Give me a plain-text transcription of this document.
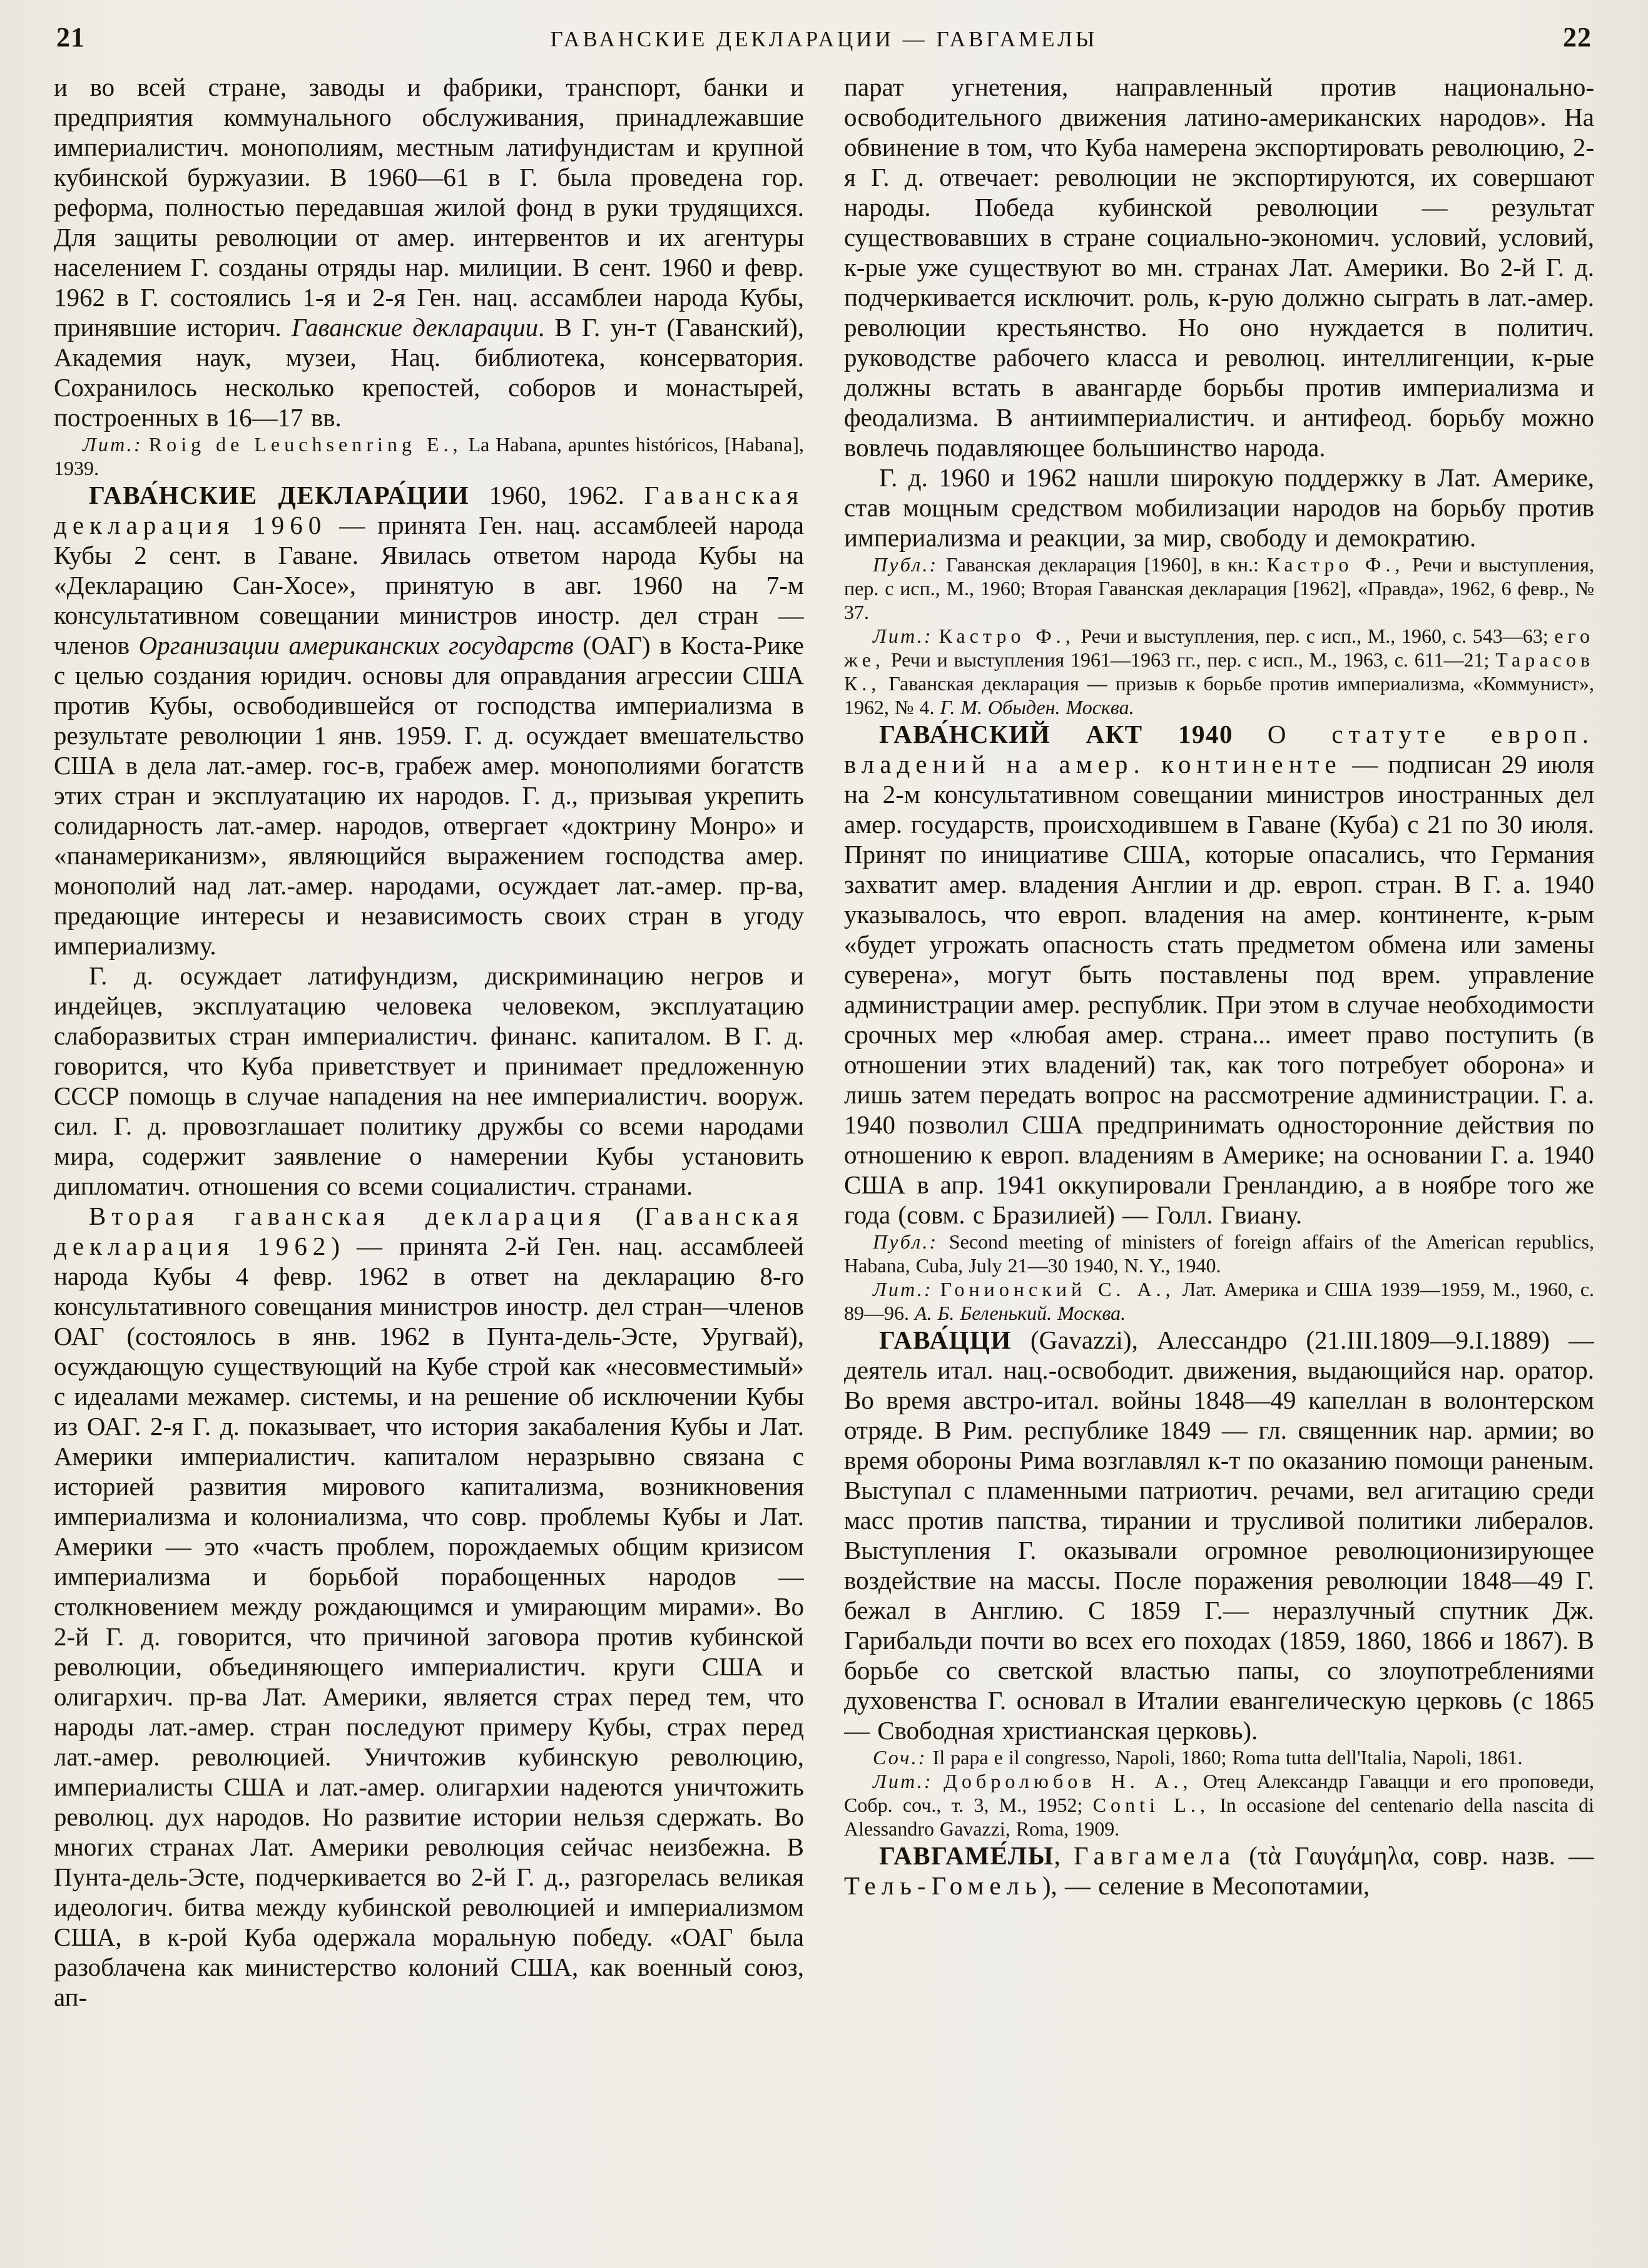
21	ГАВАНСКИЕ ДЕКЛАРАЦИИ — ГАВГАМЕЛЫ	22

и во всей стране, заводы и фабрики, транспорт, банки и предприятия коммунального обслуживания, принадлежавшие империалистич. монополиям, местным латифундистам и крупной кубинской буржуазии. В 1960—61 в Г. была проведена гор. реформа, полностью передавшая жилой фонд в руки трудящихся. Для защиты революции от амер. интервентов и их агентуры населением Г. созданы отряды нар. милиции. В сент. 1960 и февр. 1962 в Г. состоялись 1-я и 2-я Ген. нац. ассамблеи народа Кубы, принявшие историч. Гаванские декларации. В Г. ун-т (Гаванский), Академия наук, музеи, Нац. библиотека, консерватория. Сохранилось несколько крепостей, соборов и монастырей, построенных в 16—17 вв.

Лит.: Roig de Leuchsenring E., La Habana, apuntes históricos, [Habana], 1939.

ГАВА́НСКИЕ ДЕКЛАРА́ЦИИ 1960, 1962. Гаванская декларация 1960 — принята Ген. нац. ассамблеей народа Кубы 2 сент. в Гаване. Явилась ответом народа Кубы на «Декларацию Сан-Хосе», принятую в авг. 1960 на 7-м консультативном совещании министров иностр. дел стран — членов Организации американских государств (ОАГ) в Коста-Рике с целью создания юридич. основы для оправдания агрессии США против Кубы, освободившейся от господства империализма в результате революции 1 янв. 1959. Г. д. осуждает вмешательство США в дела лат.-амер. гос-в, грабеж амер. монополиями богатств этих стран и эксплуатацию их народов. Г. д., призывая укрепить солидарность лат.-амер. народов, отвергает «доктрину Монро» и «панамериканизм», являющийся выражением господства амер. монополий над лат.-амер. народами, осуждает лат.-амер. пр-ва, предающие интересы и независимость своих стран в угоду империализму.

Г. д. осуждает латифундизм, дискриминацию негров и индейцев, эксплуатацию человека человеком, эксплуатацию слаборазвитых стран империалистич. финанс. капиталом. В Г. д. говорится, что Куба приветствует и принимает предложенную СССР помощь в случае нападения на нее империалистич. вооруж. сил. Г. д. провозглашает политику дружбы со всеми народами мира, содержит заявление о намерении Кубы установить дипломатич. отношения со всеми социалистич. странами.

Вторая гаванская декларация (Гаванская декларация 1962) — принята 2-й Ген. нац. ассамблеей народа Кубы 4 февр. 1962 в ответ на декларацию 8-го консультативного совещания министров иностр. дел стран—членов ОАГ (состоялось в янв. 1962 в Пунта-дель-Эсте, Уругвай), осуждающую существующий на Кубе строй как «несовместимый» с идеалами межамер. системы, и на решение об исключении Кубы из ОАГ. 2-я Г. д. показывает, что история закабаления Кубы и Лат. Америки империалистич. капиталом неразрывно связана с историей развития мирового капитализма, возникновения империализма и колониализма, что совр. проблемы Кубы и Лат. Америки — это «часть проблем, порождаемых общим кризисом империализма и борьбой порабощенных народов — столкновением между рождающимся и умирающим мирами». Во 2-й Г. д. говорится, что причиной заговора против кубинской революции, объединяющего империалистич. круги США и олигархич. пр-ва Лат. Америки, является страх перед тем, что народы лат.-амер. стран последуют примеру Кубы, страх перед лат.-амер. революцией. Уничтожив кубинскую революцию, империалисты США и лат.-амер. олигархии надеются уничтожить революц. дух народов. Но развитие истории нельзя сдержать. Во многих странах Лат. Америки революция сейчас неизбежна. В Пунта-дель-Эсте, подчеркивается во 2-й Г. д., разгорелась великая идеологич. битва между кубинской революцией и империализмом США, в к-рой Куба одержала моральную победу. «ОАГ была разоблачена как министерство колоний США, как военный союз, ап-

парат угнетения, направленный против национально-освободительного движения латино-американских народов». На обвинение в том, что Куба намерена экспортировать революцию, 2-я Г. д. отвечает: революции не экспортируются, их совершают народы. Победа кубинской революции — результат существовавших в стране социально-экономич. условий, условий, к-рые уже существуют во мн. странах Лат. Америки. Во 2-й Г. д. подчеркивается исключит. роль, к-рую должно сыграть в лат.-амер. революции крестьянство. Но оно нуждается в политич. руководстве рабочего класса и революц. интеллигенции, к-рые должны встать в авангарде борьбы против империализма и феодализма. В антиимпериалистич. и антифеод. борьбу можно вовлечь подавляющее большинство народа.

Г. д. 1960 и 1962 нашли широкую поддержку в Лат. Америке, став мощным средством мобилизации народов на борьбу против империализма и реакции, за мир, свободу и демократию.

Публ.: Гаванская декларация [1960], в кн.: Кастро Ф., Речи и выступления, пер. с исп., М., 1960; Вторая Гаванская декларация [1962], «Правда», 1962, 6 февр., № 37.

Лит.: Кастро Ф., Речи и выступления, пер. с исп., М., 1960, с. 543—63; его же, Речи и выступления 1961—1963 гг., пер. с исп., М., 1963, с. 611—21; Тарасов К., Гаванская декларация — призыв к борьбе против империализма, «Коммунист», 1962, № 4. Г. М. Обыден. Москва.

ГАВА́НСКИЙ АКТ 1940 О статуте европ. владений на амер. континенте — подписан 29 июля на 2-м консультативном совещании министров иностранных дел амер. государств, происходившем в Гаване (Куба) с 21 по 30 июля. Принят по инициативе США, которые опасались, что Германия захватит амер. владения Англии и др. европ. стран. В Г. а. 1940 указывалось, что европ. владения на амер. континенте, к-рым «будет угрожать опасность стать предметом обмена или замены суверена», могут быть поставлены под врем. управление администрации амер. республик. При этом в случае необходимости срочных мер «любая амер. страна... имеет право поступить (в отношении этих владений) так, как того потребует оборона» и лишь затем передать вопрос на рассмотрение администрации. Г. а. 1940 позволил США предпринимать односторонние действия по отношению к европ. владениям в Америке; на основании Г. а. 1940 США в апр. 1941 оккупировали Гренландию, а в ноябре того же года (совм. с Бразилией) — Голл. Гвиану.

Публ.: Second meeting of ministers of foreign affairs of the American republics, Habana, Cuba, July 21—30 1940, N. Y., 1940.

Лит.: Гонионский С. А., Лат. Америка и США 1939—1959, М., 1960, с. 89—96. А. Б. Беленький. Москва.

ГАВА́ЦЦИ (Gavazzi), Алессандро (21.III.1809—9.I.1889) — деятель итал. нац.-освободит. движения, выдающийся нар. оратор. Во время австро-итал. войны 1848—49 капеллан в волонтерском отряде. В Рим. республике 1849 — гл. священник нар. армии; во время обороны Рима возглавлял к-т по оказанию помощи раненым. Выступал с пламенными патриотич. речами, вел агитацию среди масс против папства, тирании и трусливой политики либералов. Выступления Г. оказывали огромное революционизирующее воздействие на массы. После поражения революции 1848—49 Г. бежал в Англию. С 1859 Г.— неразлучный спутник Дж. Гарибальди почти во всех его походах (1859, 1860, 1866 и 1867). В борьбе со светской властью папы, со злоупотреблениями духовенства Г. основал в Италии евангелическую церковь (с 1865 — Свободная христианская церковь).

Соч.: Il papa e il congresso, Napoli, 1860; Roma tutta dell'Italia, Napoli, 1861.

Лит.: Добролюбов Н. А., Отец Александр Гавацци и его проповеди, Собр. соч., т. 3, М., 1952; Conti L., In occasione del centenario della nascita di Alessandro Gavazzi, Roma, 1909.

ГАВГАМЕ́ЛЫ, Гавгамела (τὰ Γαυγάμηλα, совр. назв. — Тель-Гомель), — селение в Месопотамии,
